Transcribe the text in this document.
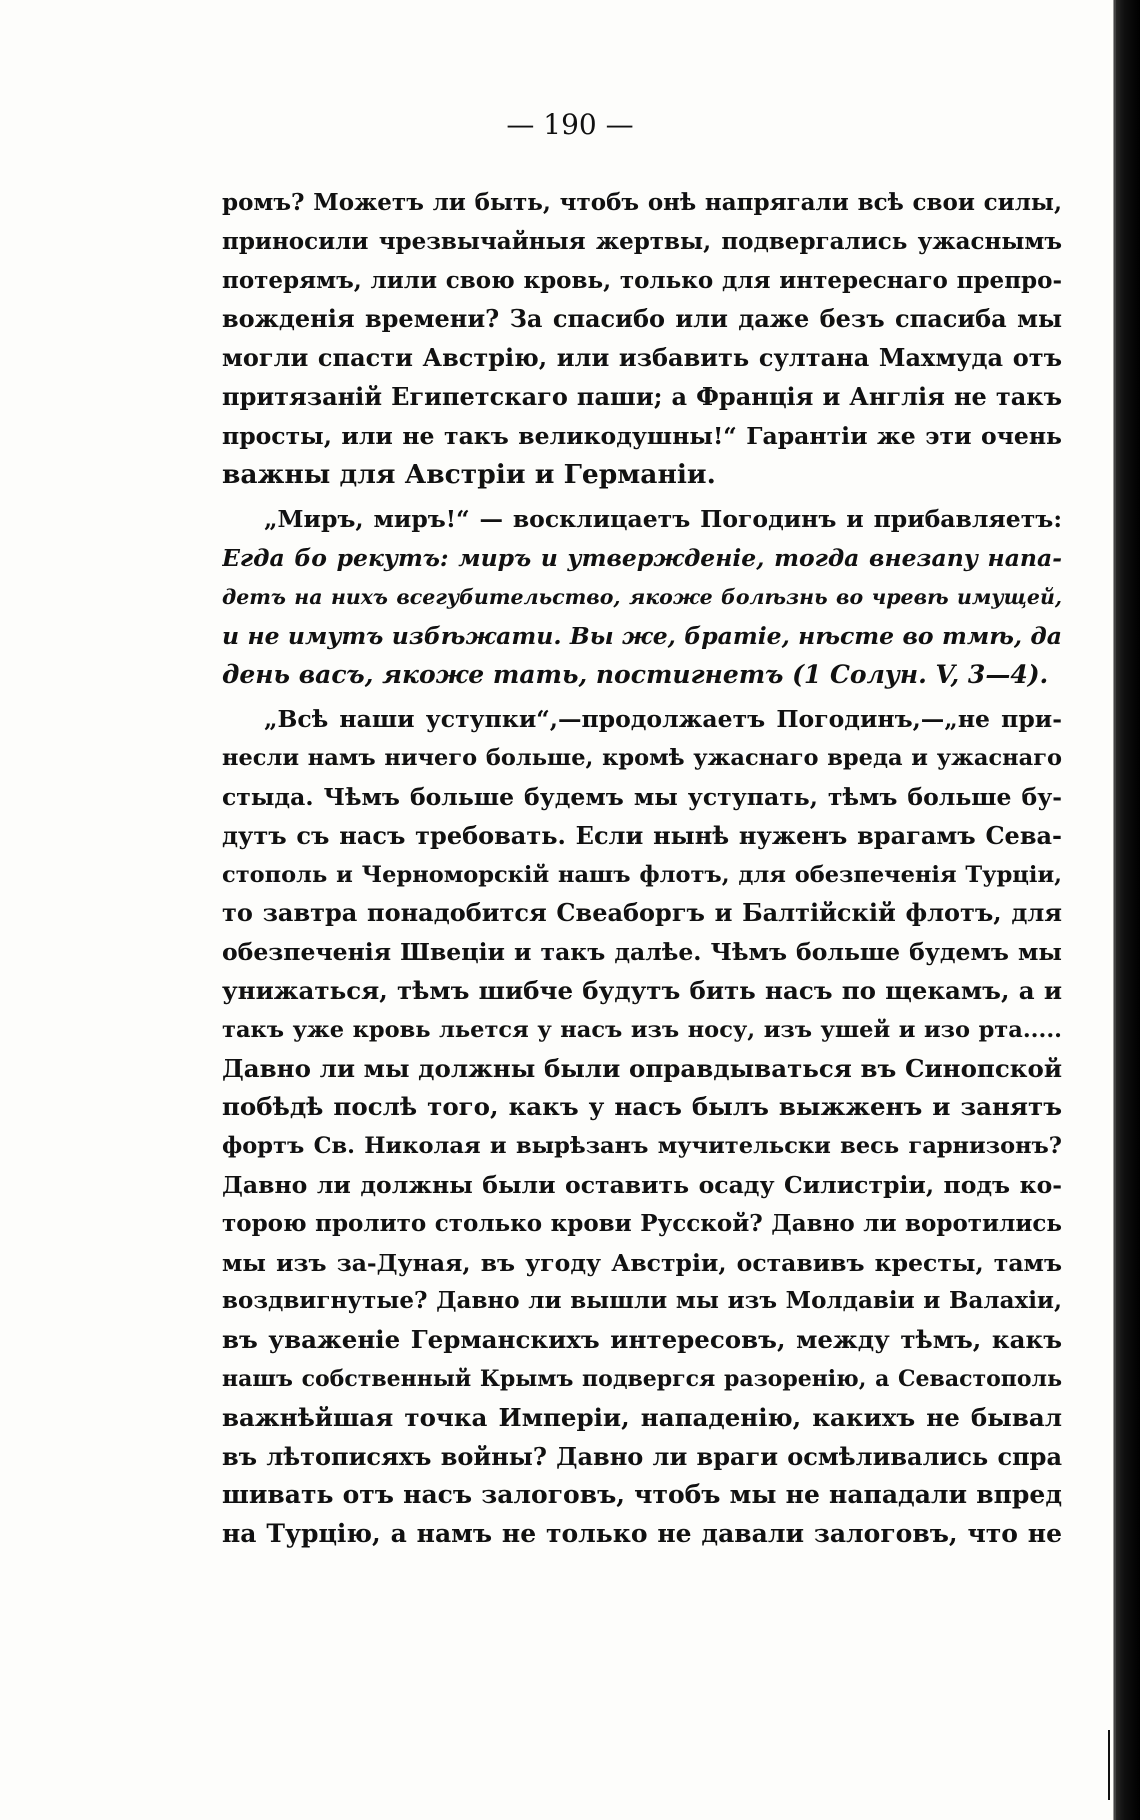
— 190 —
ромъ? Можетъ ли быть, чтобъ онѣ напрягали всѣ свои силы,
приносили чрезвычайныя жертвы, подвергались ужаснымъ
потерямъ, лили свою кровь, только для интереснаго препро-
вожденія времени? За спасибо или даже безъ спасиба мы
могли спасти Австрію, или избавить султана Махмуда отъ
притязаній Египетскаго паши; а Франція и Англія не такъ
просты, или не такъ великодушны!“ Гарантіи же эти очень
важны для Австріи и Германіи.
„Миръ, миръ!“ — восклицаетъ Погодинъ и прибавляетъ:
Егда бо рекутъ: миръ и утвержденіе, тогда внезапу напа-
детъ на нихъ всегубительство, якоже болѣзнь во чревѣ имущей,
и не имутъ избѣжати. Вы же, братіе, нѣсте во тмѣ, да
день васъ, якоже тать, постигнетъ (1 Солун. V, 3—4).
„Всѣ наши уступки“,—продолжаетъ Погодинъ,—„не при-
несли намъ ничего больше, кромѣ ужаснаго вреда и ужаснаго
стыда. Чѣмъ больше будемъ мы уступать, тѣмъ больше бу-
дутъ съ насъ требовать. Если нынѣ нуженъ врагамъ Сева-
стополь и Черноморскій нашъ флотъ, для обезпеченія Турціи,
то завтра понадобится Свеаборгъ и Балтійскій флотъ, для
обезпеченія Швеціи и такъ далѣе. Чѣмъ больше будемъ мы
унижаться, тѣмъ шибче будутъ бить насъ по щекамъ, а и
такъ уже кровь льется у насъ изъ носу, изъ ушей и изо рта.....
Давно ли мы должны были оправдываться въ Синопской
побѣдѣ послѣ того, какъ у насъ былъ выжженъ и занятъ
фортъ Св. Николая и вырѣзанъ мучительски весь гарнизонъ?
Давно ли должны были оставить осаду Силистріи, подъ ко-
торою пролито столько крови Русской? Давно ли воротились
мы изъ за-Дуная, въ угоду Австріи, оставивъ кресты, тамъ
воздвигнутые? Давно ли вышли мы изъ Молдавіи и Валахіи,
въ уваженіе Германскихъ интересовъ, между тѣмъ, какъ
нашъ собственный Крымъ подвергся разоренію, а Севастополь
важнѣйшая точка Имперіи, нападенію, какихъ не бывал
въ лѣтописяхъ войны? Давно ли враги осмѣливались спра
шивать отъ насъ залоговъ, чтобъ мы не нападали впред
на Турцію, а намъ не только не давали залоговъ, что не
